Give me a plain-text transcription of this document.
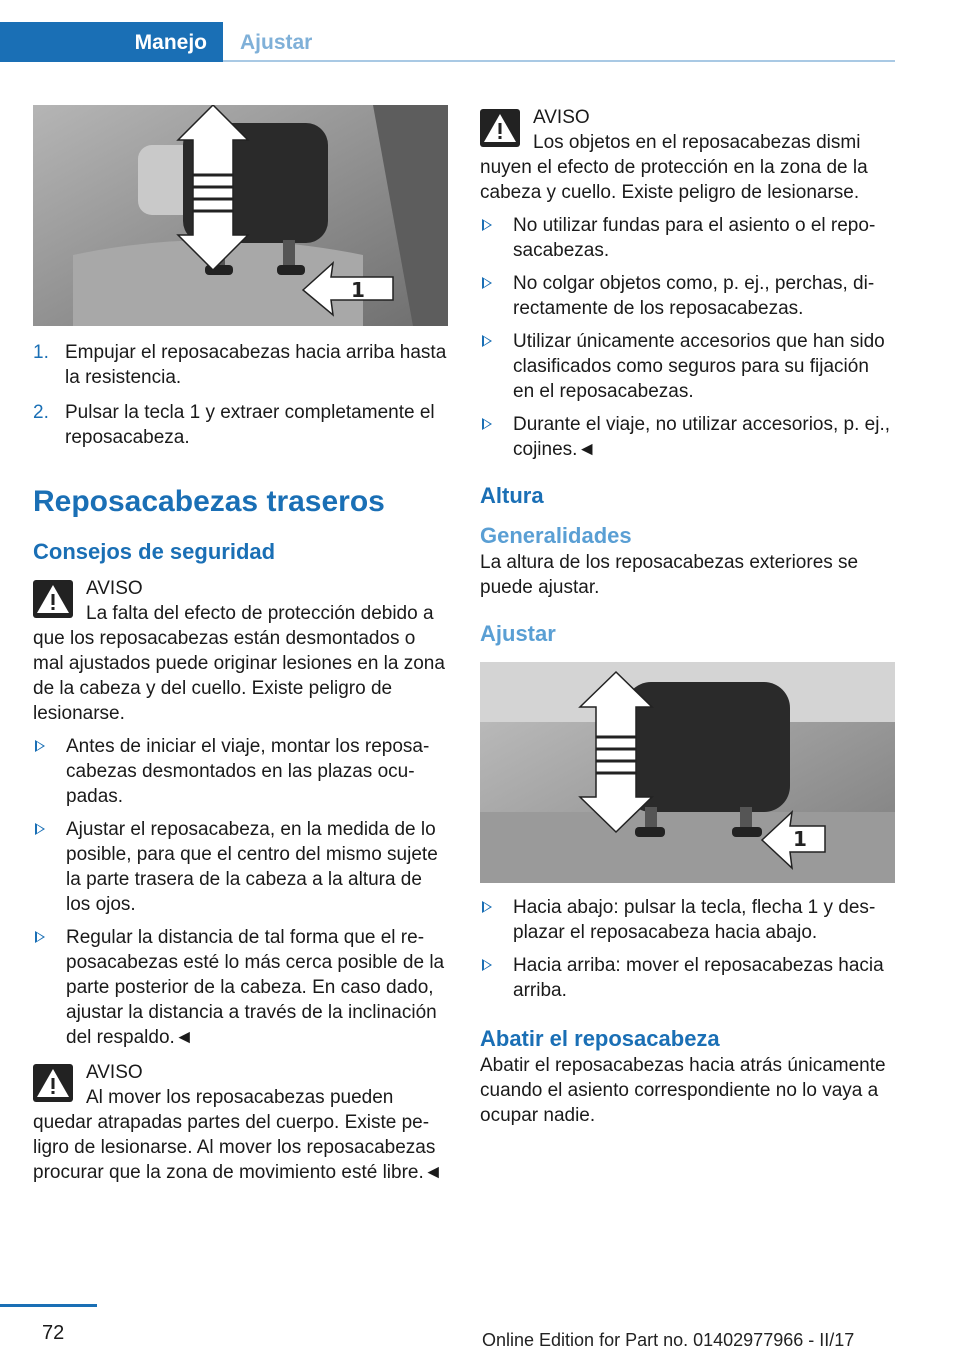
Manejo Ajustar
1
1. Empujar el reposacabezas hacia arriba hasta la resistencia.
2. Pulsar la tecla 1 y extraer completamente el reposacabeza.
Reposacabezas traseros
Consejos de seguridad
AVISO

La falta del efecto de protección debido a
que los reposacabezas están desmontados o mal ajustados puede originar lesiones en la zona de la cabeza y del cuello. Existe peligro de lesionarse.

Antes de iniciar el viaje, montar los reposacabezas desmontados en las plazas ocupadas.
Ajustar el reposacabeza, en la medida de lo posible, para que el centro del mismo sujete la parte trasera de la cabeza a la altura de los ojos.
Regular la distancia de tal forma que el reposacabezas esté lo más cerca posible de la parte posterior de la cabeza. En caso dado, ajustar la distancia a través de la inclinación del respaldo.◄
AVISO

Al mover los reposacabezas pueden
quedar atrapadas partes del cuerpo. Existe peligro de lesionarse. Al mover los reposacabezas procurar que la zona de movimiento esté libre.◄

AVISO

Los objetos en el reposacabezas dismi
nuyen el efecto de protección en la zona de la cabeza y cuello. Existe peligro de lesionarse.

No utilizar fundas para el asiento o el reposacabezas.
No colgar objetos como, p. ej., perchas, directamente de los reposacabezas.
Utilizar únicamente accesorios que han sido clasificados como seguros para su fijación en el reposacabezas.
Durante el viaje, no utilizar accesorios, p. ej., cojines.◄
Altura
Generalidades

La altura de los reposacabezas exteriores se puede ajustar.

Ajustar
1
Hacia abajo: pulsar la tecla, flecha 1 y desplazar el reposacabeza hacia abajo.
Hacia arriba: mover el reposacabezas hacia arriba.
Abatir el reposacabeza

Abatir el reposacabezas hacia atrás únicamente cuando el asiento correspondiente no lo vaya a ocupar nadie.

72	Online Edition for Part no. 01402977966 - II/17
